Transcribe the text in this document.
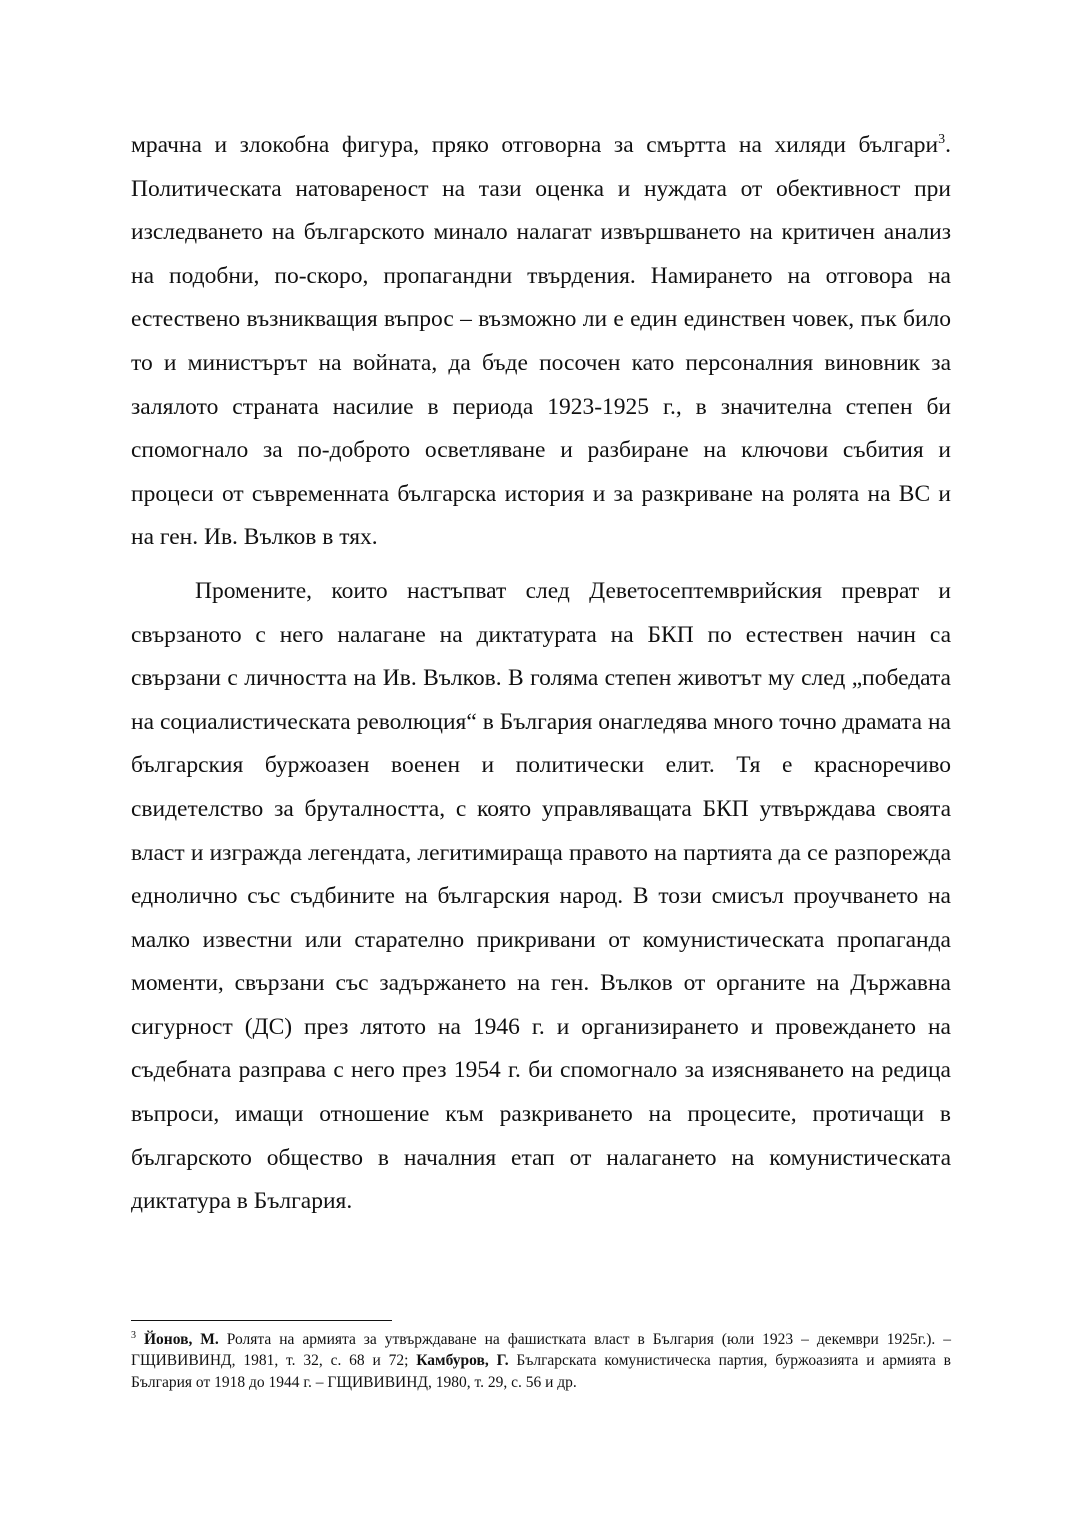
мрачна и злокобна фигура, пряко отговорна за смъртта на хиляди българи$^3$. Политическата натовареност на тази оценка и нуждата от обективност при изследването на българското минало налагат извършването на критичен анализ на подобни, по-скоро, пропагандни твърдения. Намирането на отговора на естествено възникващия въпрос – възможно ли е един единствен човек, пък било то и министърът на войната, да бъде посочен като персоналния виновник за залялото страната насилие в периода 1923-1925 г., в значителна степен би спомогнало за по-доброто осветляване и разбиране на ключови събития и процеси от съвременната българска история и за разкриване на ролята на ВС и на ген. Ив. Вълков в тях.

Промените, които настъпват след Деветосептемврийския преврат и свързаното с него налагане на диктатурата на БКП по естествен начин са свързани с личността на Ив. Вълков. В голяма степен животът му след „победата на социалистическата революция“ в България онагледява много точно драмата на българския буржоазен военен и политически елит. Тя е красноречиво свидетелство за бруталността, с която управляващата БКП утвърждава своята власт и изгражда легендата, легитимираща правото на партията да се разпорежда еднолично със съдбините на българския народ. В този смисъл проучването на малко известни или старателно прикривани от комунистическата пропаганда моменти, свързани със задържането на ген. Вълков от органите на Държавна сигурност (ДС) през лятото на 1946 г. и организирането и провеждането на съдебната разправа с него през 1954 г. би спомогнало за изясняването на редица въпроси, имащи отношение към разкриването на процесите, протичащи в българското общество в началния етап от налагането на комунистическата диктатура в България.

$^3$ Йонов, М. Ролята на армията за утвърждаване на фашистката власт в България (юли 1923 – декември 1925г.). – ГЩИВИВИНД, 1981, т. 32, с. 68 и 72; Камбуров, Г. Българската комунистическа партия, буржоазията и армията в България от 1918 до 1944 г. – ГЩИВИВИНД, 1980, т. 29, с. 56 и др.
